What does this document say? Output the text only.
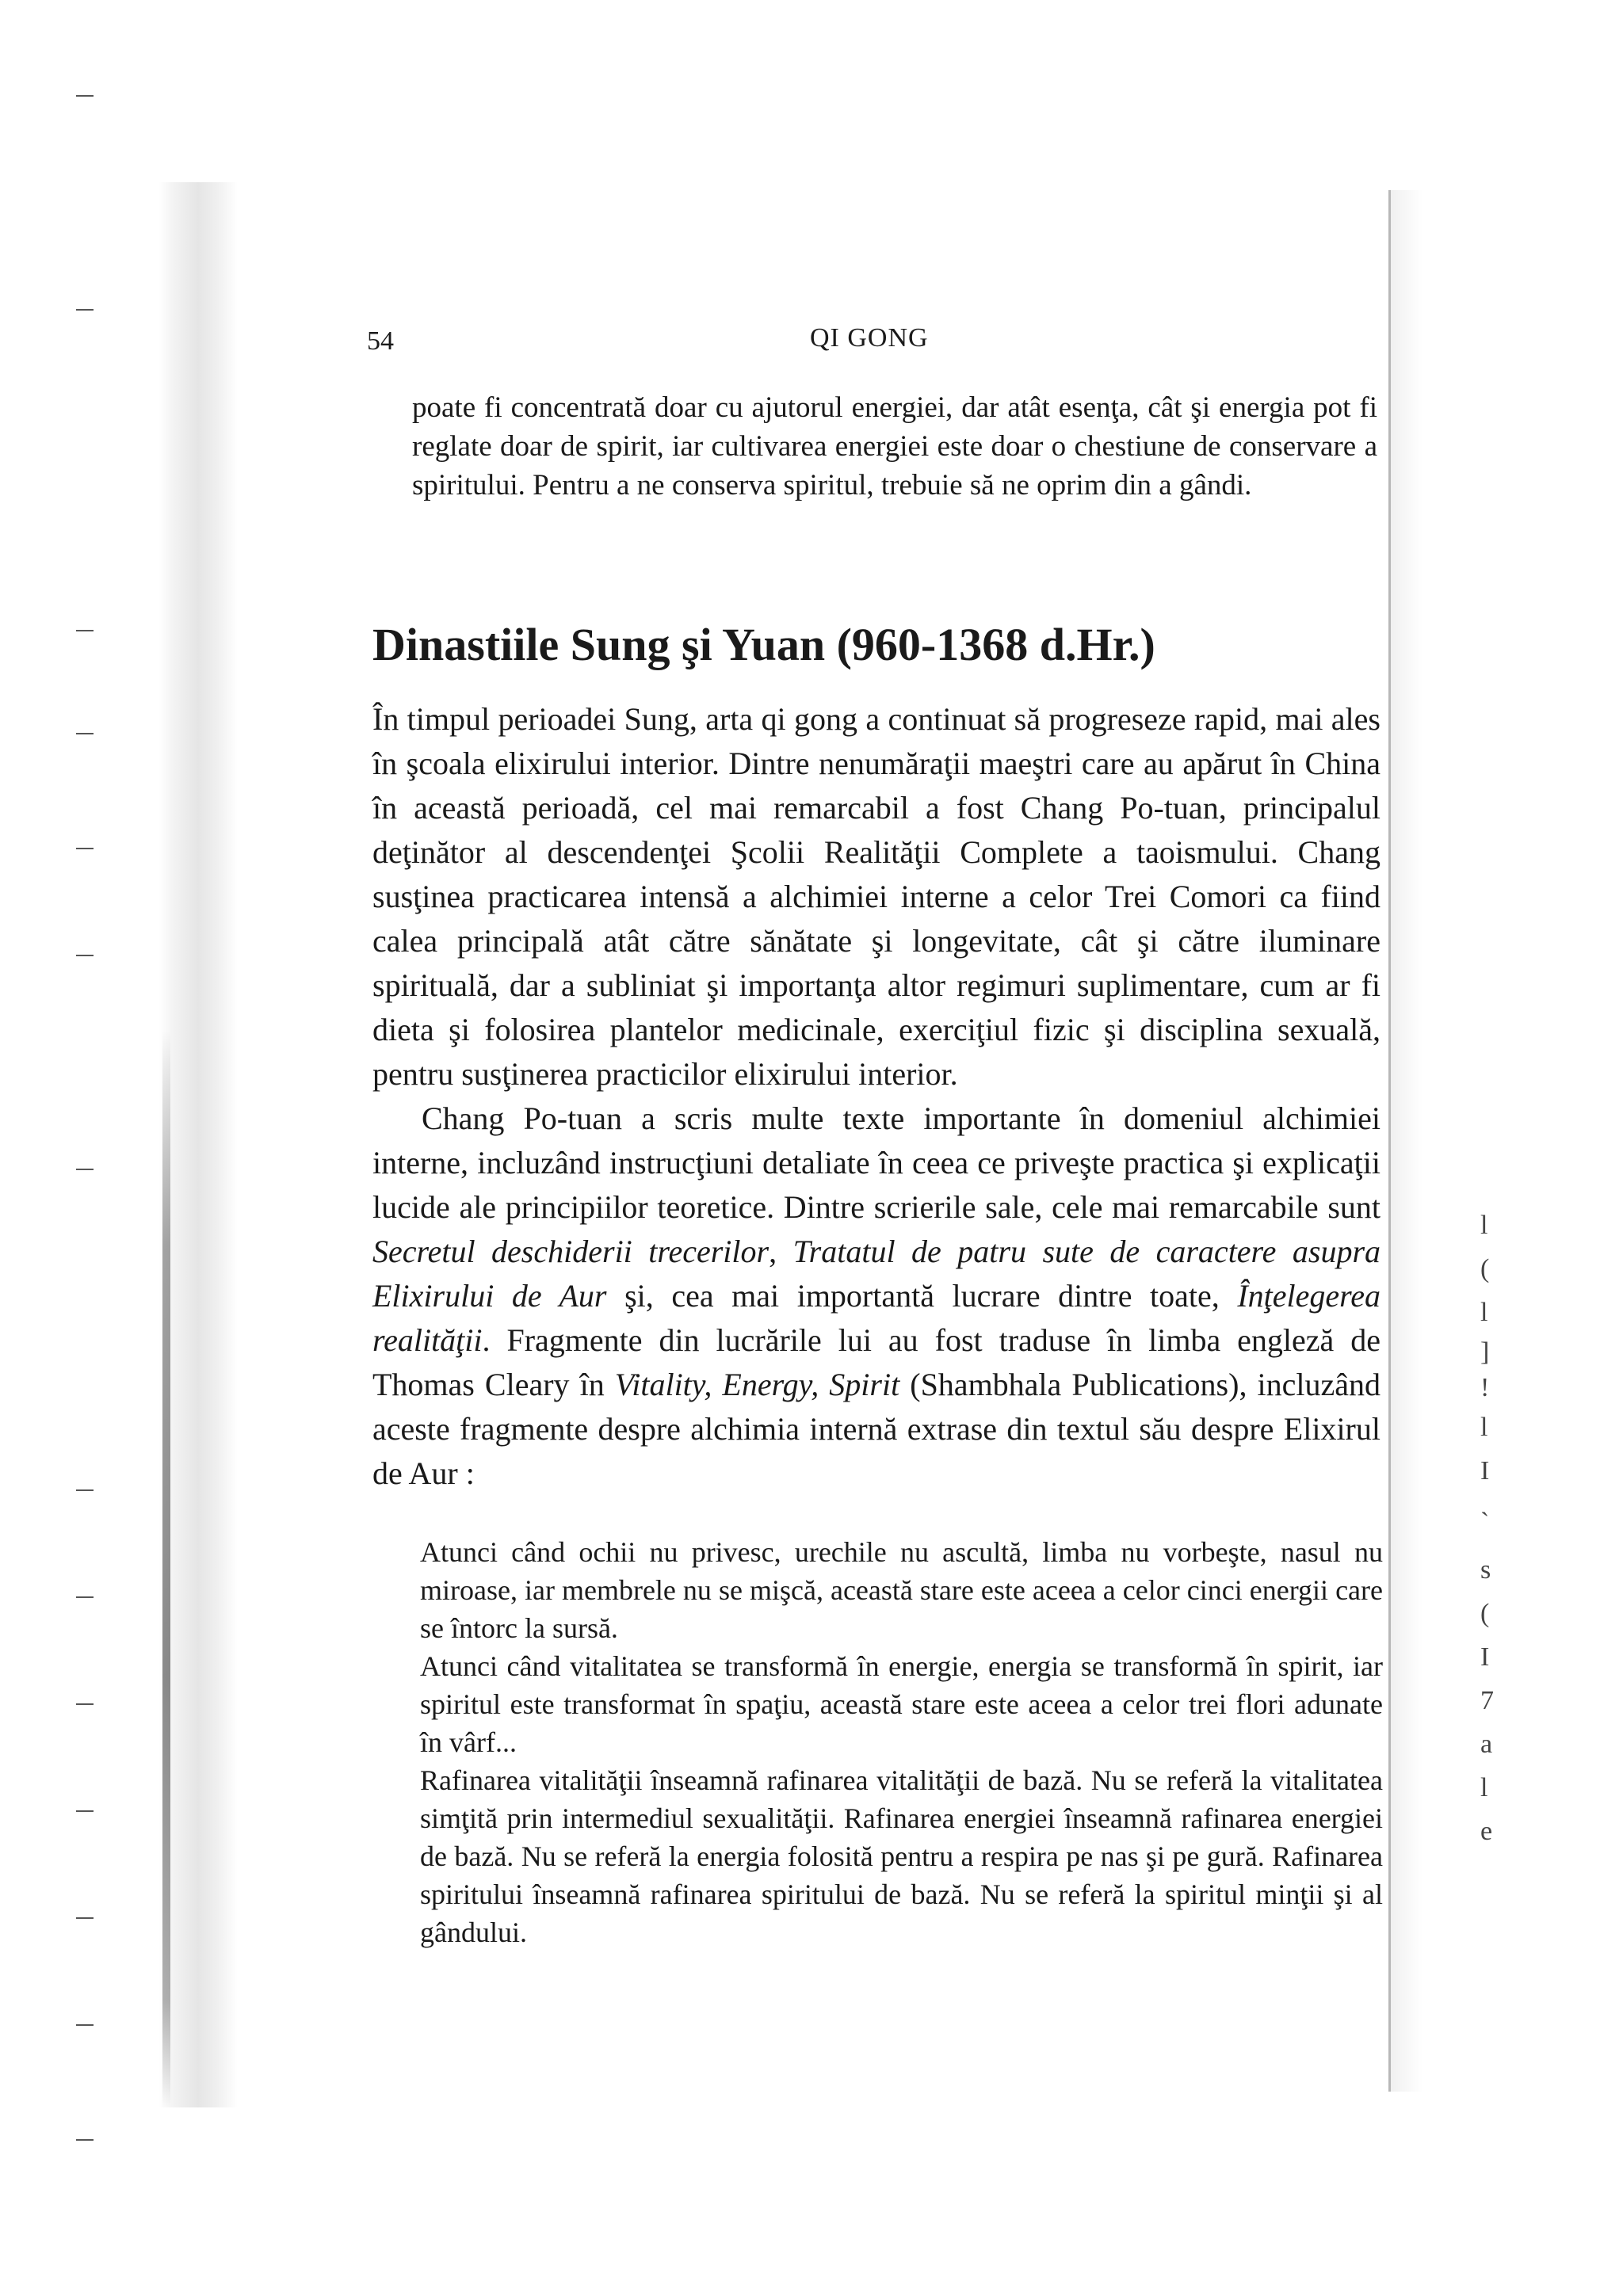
l
(
l
]
!
l
I
`
s
(
I
7
a
l
e
54	QI GONG

poate fi concentrată doar cu ajutorul energiei, dar atât esenţa, cât şi energia pot fi reglate doar de spirit, iar cultivarea energiei este doar o chestiune de conservare a spiritului. Pentru a ne conserva spiritul, trebuie să ne oprim din a gândi.

Dinastiile Sung şi Yuan (960-1368 d.Hr.)

În timpul perioadei Sung, arta qi gong a continuat să progreseze rapid, mai ales în şcoala elixirului interior. Dintre nenumăraţii maeştri care au apărut în China în această perioadă, cel mai remarcabil a fost Chang Po-tuan, principalul deţinător al descendenţei Şcolii Realităţii Complete a taoismului. Chang susţinea practicarea intensă a alchimiei interne a celor Trei Comori ca fiind calea principală atât către sănătate şi longevitate, cât şi către iluminare spirituală, dar a subliniat şi importanţa altor regimuri suplimentare, cum ar fi dieta şi folosirea plantelor medicinale, exerciţiul fizic şi disciplina sexuală, pentru susţinerea practicilor elixirului interior.

Chang Po-tuan a scris multe texte importante în domeniul alchimiei interne, incluzând instrucţiuni detaliate în ceea ce priveşte practica şi explicaţii lucide ale principiilor teoretice. Dintre scrierile sale, cele mai remarcabile sunt Secretul deschiderii trecerilor, Tratatul de patru sute de caractere asupra Elixirului de Aur şi, cea mai importantă lucrare dintre toate, Înţelegerea realităţii. Fragmente din lucrările lui au fost traduse în limba engleză de Thomas Cleary în Vitality, Energy, Spirit (Shambhala Publications), incluzând aceste fragmente despre alchimia internă extrase din textul său despre Elixirul de Aur :

Atunci când ochii nu privesc, urechile nu ascultă, limba nu vorbeşte, nasul nu miroase, iar membrele nu se mişcă, această stare este aceea a celor cinci energii care se întorc la sursă.

Atunci când vitalitatea se transformă în energie, energia se transformă în spirit, iar spiritul este transformat în spaţiu, această stare este aceea a celor trei flori adunate în vârf...

Rafinarea vitalităţii înseamnă rafinarea vitalităţii de bază. Nu se referă la vitalitatea simţită prin intermediul sexualităţii. Rafinarea energiei înseamnă rafinarea energiei de bază. Nu se referă la energia folosită pentru a respira pe nas şi pe gură. Rafinarea spiritului înseamnă rafinarea spiritului de bază. Nu se referă la spiritul minţii şi al gândului.
